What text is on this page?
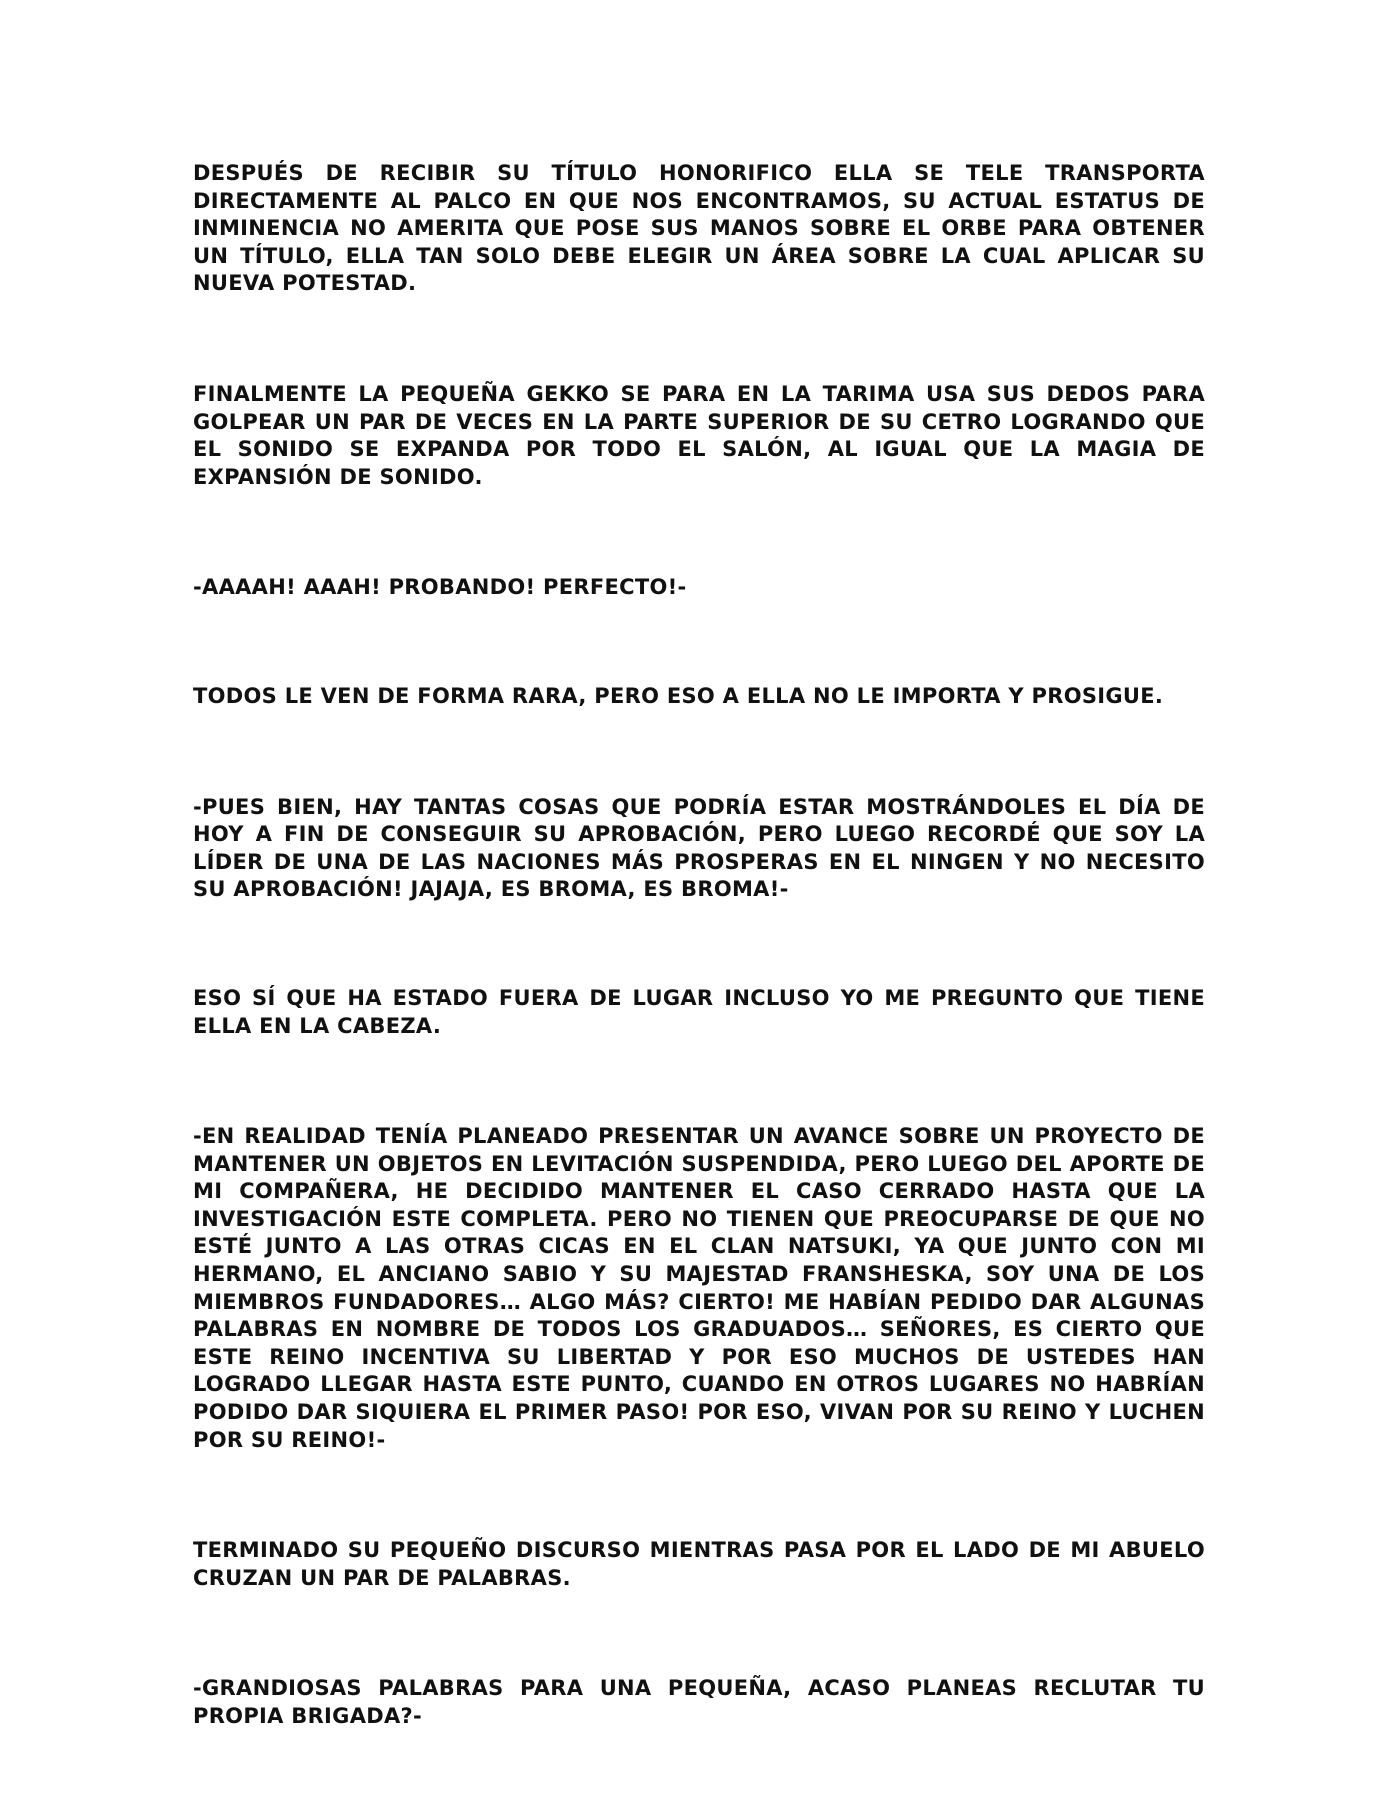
DESPUÉS DE RECIBIR SU TÍTULO HONORIFICO ELLA SE TELE TRANSPORTA DIRECTAMENTE AL PALCO EN QUE NOS ENCONTRAMOS, SU ACTUAL ESTATUS DE INMINENCIA NO AMERITA QUE POSE SUS MANOS SOBRE EL ORBE PARA OBTENER UN TÍTULO, ELLA TAN SOLO DEBE ELEGIR UN ÁREA SOBRE LA CUAL APLICAR SU NUEVA POTESTAD.

FINALMENTE LA PEQUEÑA GEKKO SE PARA EN LA TARIMA USA SUS DEDOS PARA GOLPEAR UN PAR DE VECES EN LA PARTE SUPERIOR DE SU CETRO LOGRANDO QUE EL SONIDO SE EXPANDA POR TODO EL SALÓN, AL IGUAL QUE LA MAGIA DE EXPANSIÓN DE SONIDO.

-AAAAH! AAAH! PROBANDO! PERFECTO!-

TODOS LE VEN DE FORMA RARA, PERO ESO A ELLA NO LE IMPORTA Y PROSIGUE.

-PUES BIEN, HAY TANTAS COSAS QUE PODRÍA ESTAR MOSTRÁNDOLES EL DÍA DE HOY A FIN DE CONSEGUIR SU APROBACIÓN, PERO LUEGO RECORDÉ QUE SOY LA LÍDER DE UNA DE LAS NACIONES MÁS PROSPERAS EN EL NINGEN Y NO NECESITO SU APROBACIÓN! JAJAJA, ES BROMA, ES BROMA!-

ESO SÍ QUE HA ESTADO FUERA DE LUGAR INCLUSO YO ME PREGUNTO QUE TIENE ELLA EN LA CABEZA.

-EN REALIDAD TENÍA PLANEADO PRESENTAR UN AVANCE SOBRE UN PROYECTO DE MANTENER UN OBJETOS EN LEVITACIÓN SUSPENDIDA, PERO LUEGO DEL APORTE DE MI COMPAÑERA, HE DECIDIDO MANTENER EL CASO CERRADO HASTA QUE LA INVESTIGACIÓN ESTE COMPLETA. PERO NO TIENEN QUE PREOCUPARSE DE QUE NO ESTÉ JUNTO A LAS OTRAS CICAS EN EL CLAN NATSUKI, YA QUE JUNTO CON MI HERMANO, EL ANCIANO SABIO Y SU MAJESTAD FRANSHESKA, SOY UNA DE LOS MIEMBROS FUNDADORES… ALGO MÁS? CIERTO! ME HABÍAN PEDIDO DAR ALGUNAS PALABRAS EN NOMBRE DE TODOS LOS GRADUADOS… SEÑORES, ES CIERTO QUE ESTE REINO INCENTIVA SU LIBERTAD Y POR ESO MUCHOS DE USTEDES HAN LOGRADO LLEGAR HASTA ESTE PUNTO, CUANDO EN OTROS LUGARES NO HABRÍAN PODIDO DAR SIQUIERA EL PRIMER PASO! POR ESO, VIVAN POR SU REINO Y LUCHEN POR SU REINO!-

TERMINADO SU PEQUEÑO DISCURSO MIENTRAS PASA POR EL LADO DE MI ABUELO CRUZAN UN PAR DE PALABRAS.

-GRANDIOSAS PALABRAS PARA UNA PEQUEÑA, ACASO PLANEAS RECLUTAR TU PROPIA BRIGADA?-
